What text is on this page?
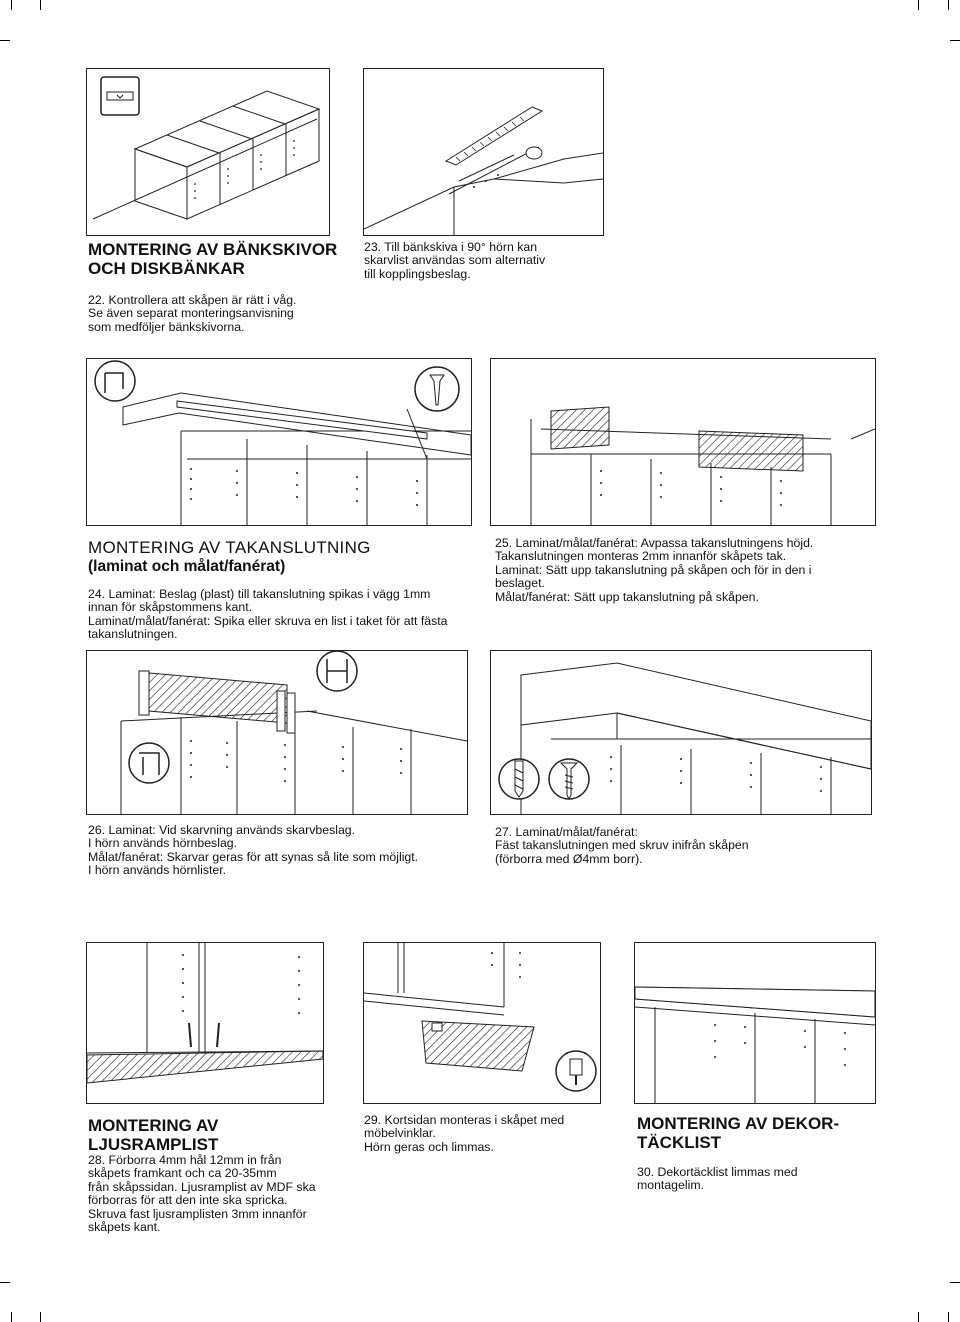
MONTERING AV BÄNKSKIVOR OCH DISKBÄNKAR

22. Kontrollera att skåpen är rätt i våg.

Se även separat monteringsanvisning

som medföljer bänkskivorna.

23. Till bänkskiva i 90° hörn kan

skarvlist användas som alternativ

till kopplingsbeslag.

MONTERING AV TAKANSLUTNING
(laminat och målat/fanérat)

24. Laminat: Beslag (plast) till takanslutning spikas i vägg 1mm

innan för skåpstommens kant.

Laminat/målat/fanérat: Spika eller skruva en list i taket för att fästa

takanslutningen.

25. Laminat/målat/fanérat: Avpassa takanslutningens höjd.

Takanslutningen monteras 2mm innanför skåpets tak.

Laminat: Sätt upp takanslutning på skåpen och för in den i

beslaget.

Målat/fanérat: Sätt upp takanslutning på skåpen.

26. Laminat: Vid skarvning används skarvbeslag.

I hörn används hörnbeslag.

Målat/fanérat: Skarvar geras för att synas så lite som möjligt.

I hörn används hörnlister.

27. Laminat/målat/fanérat:

Fäst takanslutningen med skruv inifrån skåpen

(förborra med Ø4mm borr).

MONTERING AV
LJUSRAMPLIST

28. Förborra 4mm hål 12mm in från

skåpets framkant och ca 20-35mm

från skåpssidan. Ljusramplist av MDF ska

förborras för att den inte ska spricka.

Skruva fast ljusramplisten 3mm innanför

skåpets kant.

29. Kortsidan monteras i skåpet med

möbelvinklar.

Hörn geras och limmas.

MONTERING AV DEKOR-
TÄCKLIST

30. Dekortäcklist limmas med

montagelim.
